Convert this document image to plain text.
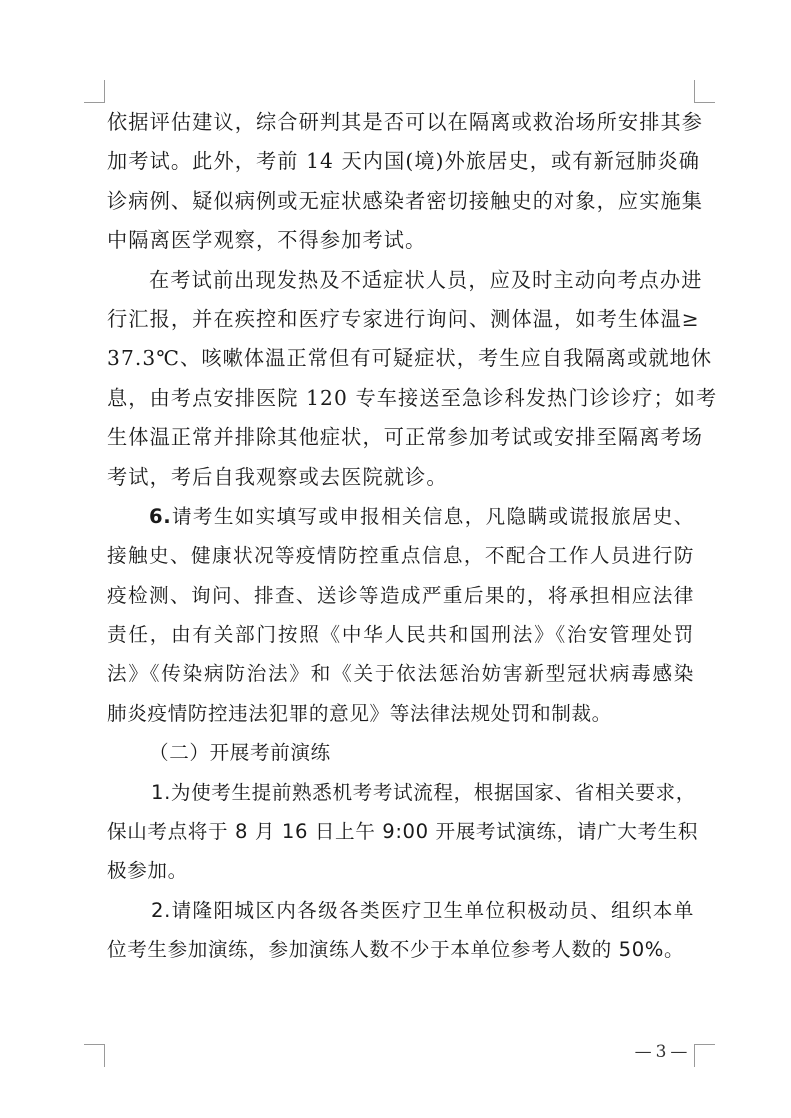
依据评估建议，综合研判其是否可以在隔离或救治场所安排其参
加考试。此外，考前 14 天内国(境)外旅居史，或有新冠肺炎确
诊病例、疑似病例或无症状感染者密切接触史的对象，应实施集
中隔离医学观察，不得参加考试。
在考试前出现发热及不适症状人员，应及时主动向考点办进
行汇报，并在疾控和医疗专家进行询问、测体温，如考生体温≥
37.3℃、咳嗽体温正常但有可疑症状，考生应自我隔离或就地休
息，由考点安排医院 120 专车接送至急诊科发热门诊诊疗；如考
生体温正常并排除其他症状，可正常参加考试或安排至隔离考场
考试，考后自我观察或去医院就诊。
6.请考生如实填写或申报相关信息，凡隐瞒或谎报旅居史、
接触史、健康状况等疫情防控重点信息，不配合工作人员进行防
疫检测、询问、排查、送诊等造成严重后果的，将承担相应法律
责任，由有关部门按照《中华人民共和国刑法》《治安管理处罚
法》《传染病防治法》和《关于依法惩治妨害新型冠状病毒感染
肺炎疫情防控违法犯罪的意见》等法律法规处罚和制裁。
（二）开展考前演练
1.为使考生提前熟悉机考考试流程，根据国家、省相关要求，
保山考点将于 8 月 16 日上午 9:00 开展考试演练，请广大考生积
极参加。
2.请隆阳城区内各级各类医疗卫生单位积极动员、组织本单
位考生参加演练，参加演练人数不少于本单位参考人数的 50%。
— 3 —
